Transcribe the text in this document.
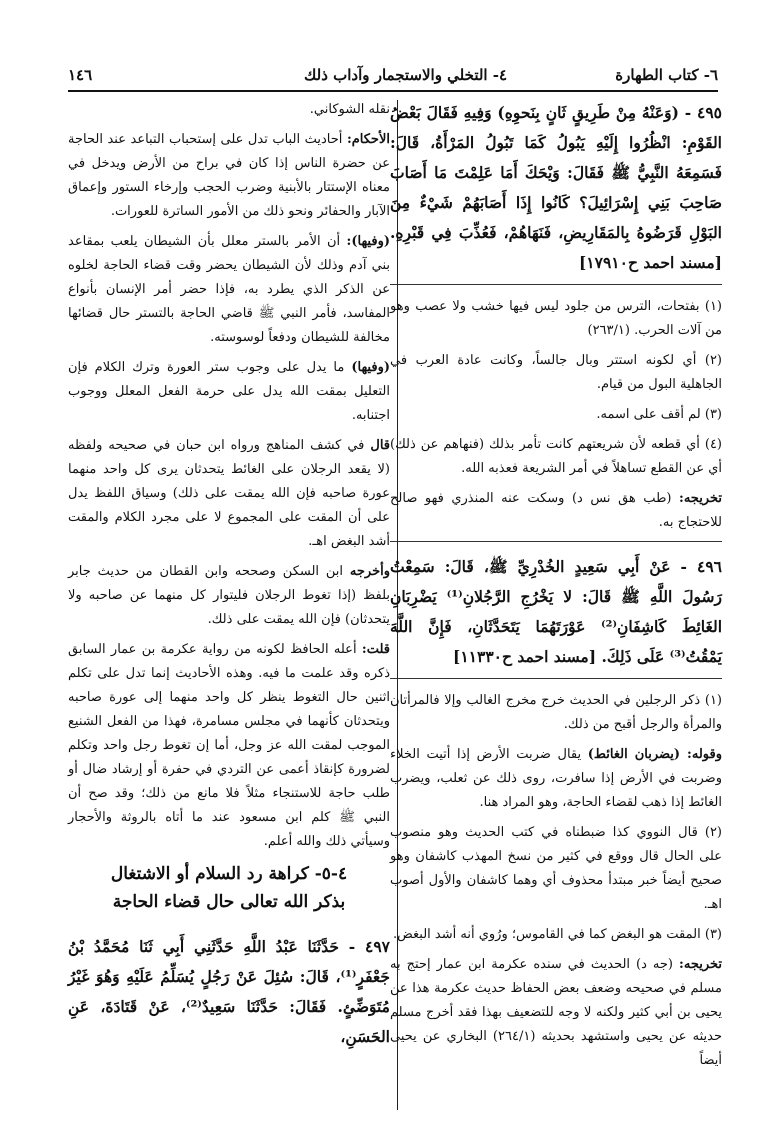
٦- كتاب الطهارة
٤- التخلي والاستجمار وآداب ذلك
١٤٦

٤٩٥ - (وَعَنْهُ مِنْ طَرِيقٍ ثَانٍ بِنَحوِهِ) وَفِيهِ فَقَالَ بَعْضُ القَوْمِ: انْظُرُوا إِلَيْهِ يَبُولُ كَمَا تَبُولُ المَرْأَةُ، قَالَ: فَسَمِعَهُ النَّبِيُّ ﷺ فَقَالَ: وَيْحَكَ أَمَا عَلِمْتَ مَا أَصَابَ صَاحِبَ بَنِي إِسْرَائِيلَ؟ كَانُوا إِذَا أَصَابَهُمْ شَيْءٌ مِنَ البَوْلِ قَرَضُوهُ بِالمَقَارِيضِ، فَنَهَاهُمْ، فَعُذِّبَ فِي قَبْرِهِ. [مسند احمد ح١٧٩١٠]

(١) بفتحات، الترس من جلود ليس فيها خشب ولا عصب وهو من آلات الحرب. (٢٦٣/١)

(٢) أي لكونه استتر وبال جالساً، وكانت عادة العرب في الجاهلية البول من قيام.

(٣) لم أقف على اسمه.

(٤) أي قطعه لأن شريعتهم كانت تأمر بذلك (فنهاهم عن ذلك) أي عن القطع تساهلاً في أمر الشريعة فعذبه الله.

تخريجه: (طب هق نس د) وسكت عنه المنذري فهو صالح للاحتجاج به.

٤٩٦ - عَنْ أَبِي سَعِيدٍ الخُدْرِيِّ ﷺ، قَالَ: سَمِعْتُ رَسُولَ اللَّهِ ﷺ قَالَ: لا يَخْرُجِ الرَّجُلانِ⁽¹⁾ يَضْرِبَانِ الغَائِطَ كَاشِفَانِ⁽²⁾ عَوْرَتَهُمَا يَتَحَدَّثَانِ، فَإِنَّ اللَّهَ يَمْقُتُ⁽³⁾ عَلَى ذَلِكَ. [مسند احمد ح١١٣٣٠]

(١) ذكر الرجلين في الحديث خرج مخرج الغالب وإلا فالمرأتان والمرأة والرجل أقبح من ذلك.

وقوله: (يضربان الغائط) يقال ضربت الأرض إذا أتيت الخلاء وضربت في الأرض إذا سافرت، روى ذلك عن ثعلب، ويضرب الغائط إذا ذهب لقضاء الحاجة، وهو المراد هنا.

(٢) قال النووي كذا ضبطناه في كتب الحديث وهو منصوب على الحال قال ووقع في كثير من نسخ المهذب كاشفان وهو صحيح أيضاً خبر مبتدأ محذوف أي وهما كاشفان والأول أصوب اهـ.

(٣) المقت هو البغض كما في القاموس؛ ورُوي أنه أشد البغض.

تخريجه: (جه د) الحديث في سنده عكرمة ابن عمار إحتج به مسلم في صحيحه وضعف بعض الحفاظ حديث عكرمة هذا عن يحيى بن أبي كثير ولكنه لا وجه للتضعيف بهذا فقد أخرج مسلم حديثه عن يحيى واستشهد بحديثه (٢٦٤/١) البخاري عن يحيى أيضاً

نقله الشوكاني.

الأحكام: أحاديث الباب تدل على إستحباب التباعد عند الحاجة عن حضرة الناس إذا كان في براح من الأرض ويدخل في معناه الإستتار بالأبنية وضرب الحجب وإرخاء الستور وإعماق الآبار والحفائر ونحو ذلك من الأمور الساترة للعورات.

(وفيها): أن الأمر بالستر معلل بأن الشيطان يلعب بمقاعد بني آدم وذلك لأن الشيطان يحضر وقت قضاء الحاجة لخلوه عن الذكر الذي يطرد به، فإذا حضر أمر الإنسان بأنواع المفاسد، فأمر النبي ﷺ قاضي الحاجة بالتستر حال قضائها مخالفة للشيطان ودفعاً لوسوسته.

(وفيها) ما يدل على وجوب ستر العورة وترك الكلام فإن التعليل بمقت الله يدل على حرمة الفعل المعلل ووجوب اجتنابه.

قال في كشف المناهج ورواه ابن حبان في صحيحه ولفظه (لا يقعد الرجلان على الغائط يتحدثان يرى كل واحد منهما عورة صاحبه فإن الله يمقت على ذلك) وسياق اللفظ يدل على أن المقت على المجموع لا على مجرد الكلام والمقت أشد البغض اهـ.

وأخرجه ابن السكن وصححه وابن القطان من حديث جابر بلفظ (إذا تغوط الرجلان فليتوار كل منهما عن صاحبه ولا يتحدثان) فإن الله يمقت على ذلك.

قلت: أعله الحافظ لكونه من رواية عكرمة بن عمار السابق ذكره وقد علمت ما فيه. وهذه الأحاديث إنما تدل على تكلم اثنين حال التغوط ينظر كل واحد منهما إلى عورة صاحبه ويتحدثان كأنهما في مجلس مسامرة، فهذا من الفعل الشنيع الموجب لمقت الله عز وجل، أما إن تغوط رجل واحد وتكلم لضرورة كإنقاذ أعمى عن التردي في حفرة أو إرشاد ضال أو طلب حاجة للاستنجاء مثلاً فلا مانع من ذلك؛ وقد صح أن النبي ﷺ كلم ابن مسعود عند ما أتاه بالروثة والأحجار وسيأتي ذلك والله أعلم.

٤-٥- كراهة رد السلام أو الاشتغال
بذكر الله تعالى حال قضاء الحاجة

٤٩٧ - حَدَّثَنَا عَبْدُ اللَّهِ حَدَّثَنِي أَبِي ثَنَا مُحَمَّدُ بْنُ جَعْفَرٍ⁽¹⁾، قَالَ: سُئِلَ عَنْ رَجُلٍ يُسَلِّمُ عَلَيْهِ وَهُوَ غَيْرُ مُتَوَضِّئٍ. فَقَالَ: حَدَّثَنَا سَعِيدٌ⁽²⁾، عَنْ قَتَادَةَ، عَنِ الحَسَنِ،
